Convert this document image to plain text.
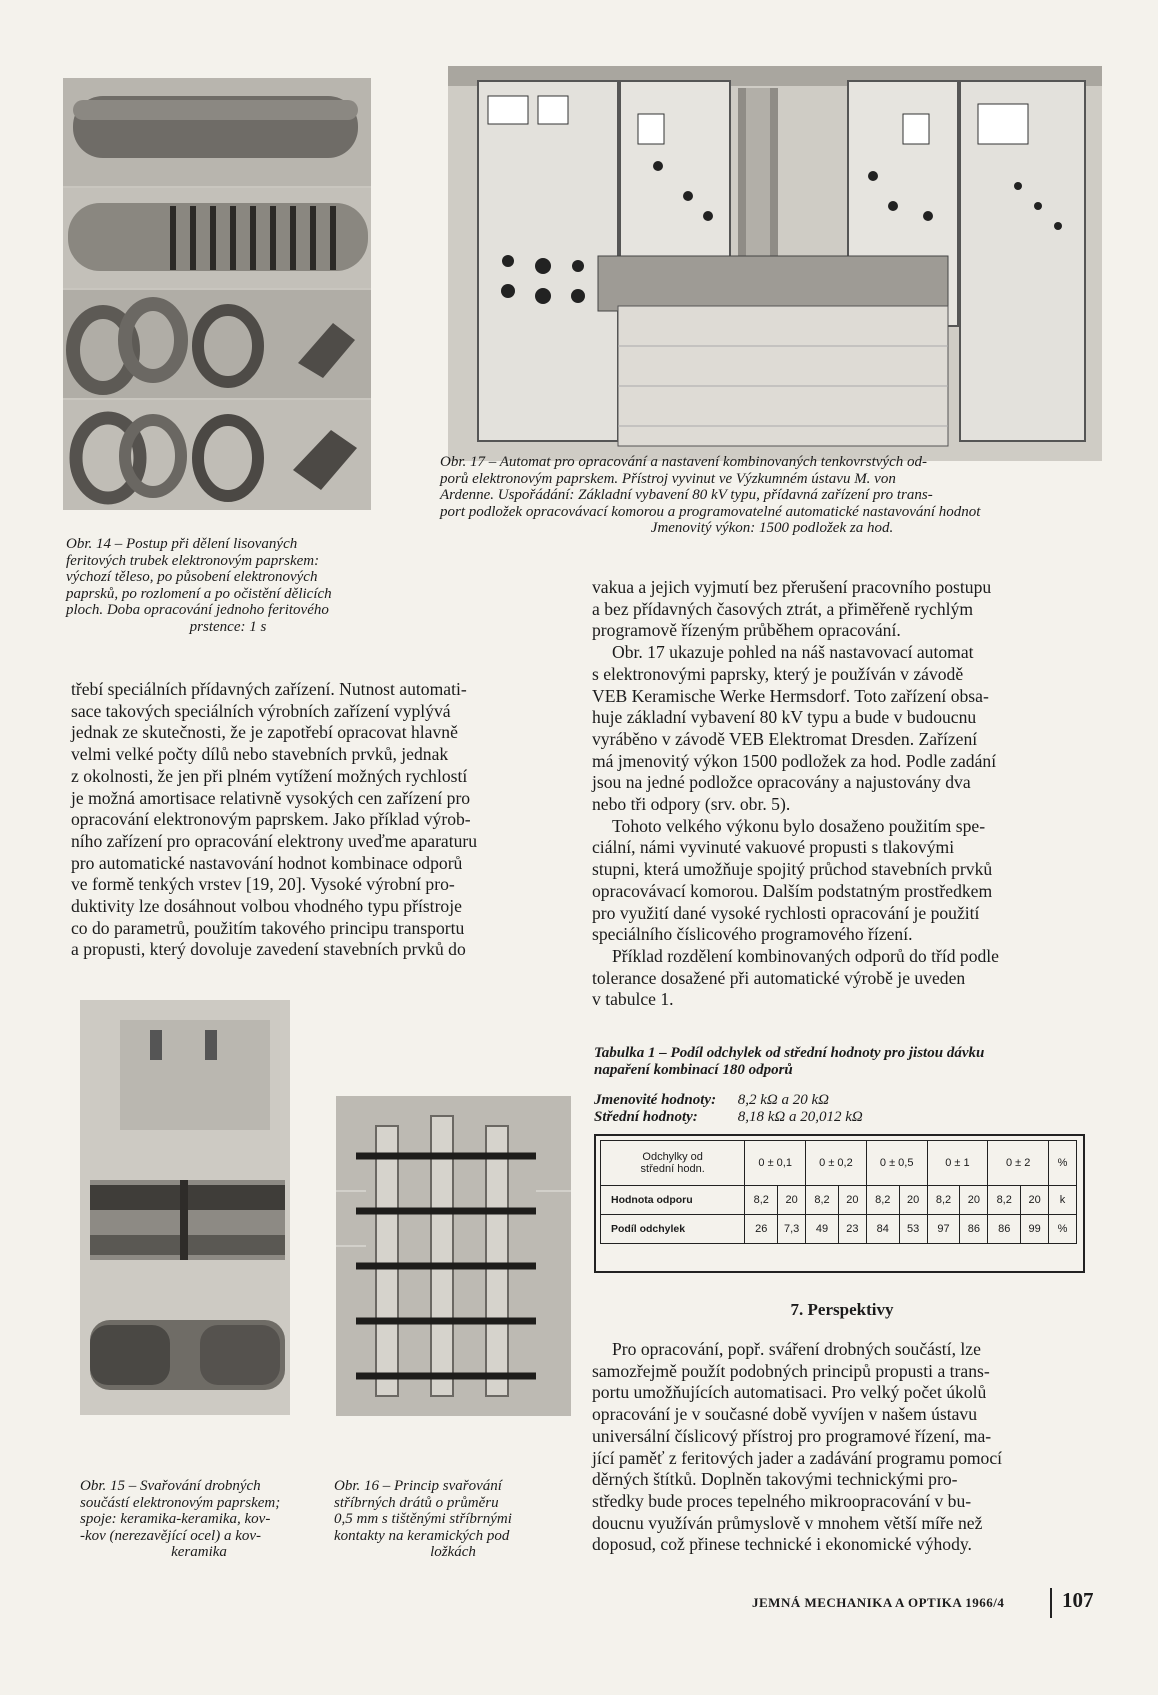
Obr. 14 – Postup při dělení lisovaných
feritových trubek elektronovým paprskem:
výchozí těleso, po působení elektronových
paprsků, po rozlomení a po očistění dělicích
ploch. Doba opracování jednoho feritového
prstence: 1 s
Obr. 17 – Automat pro opracování a nastavení kombinovaných tenkovrstvých od-
porů elektronovým paprskem. Přístroj vyvinut ve Výzkumném ústavu M. von
Ardenne. Uspořádání: Základní vybavení 80 kV typu, přídavná zařízení pro trans-
port podložek opracovávací komorou a programovatelné automatické nastavování hodnot
Jmenovitý výkon: 1500 podložek za hod.

třebí speciálních přídavných zařízení. Nutnost automati-

sace takových speciálních výrobních zařízení vyplývá

jednak ze skutečnosti, že je zapotřebí opracovat hlavně

velmi velké počty dílů nebo stavebních prvků, jednak

z okolnosti, že jen při plném vytížení možných rychlostí

je možná amortisace relativně vysokých cen zařízení pro

opracování elektronovým paprskem. Jako příklad výrob-

ního zařízení pro opracování elektrony uveďme aparaturu

pro automatické nastavování hodnot kombinace odporů

ve formě tenkých vrstev [19, 20]. Vysoké výrobní pro-

duktivity lze dosáhnout volbou vhodného typu přístroje

co do parametrů, použitím takového principu transportu

a propusti, který dovoluje zavedení stavebních prvků do

Obr. 15 – Svařování drobných
součástí elektronovým paprskem;
spoje: keramika-keramika, kov-
-kov (nerezavějící ocel) a kov-
keramika
Obr. 16 – Princip svařování
stříbrných drátů o průměru
0,5 mm s tištěnými stříbrnými
kontakty na keramických pod
ložkách

vakua a jejich vyjmutí bez přerušení pracovního postupu

a bez přídavných časových ztrát, a přiměřeně rychlým

programově řízeným průběhem opracování.

Obr. 17 ukazuje pohled na náš nastavovací automat

s elektronovými paprsky, který je používán v závodě

VEB Keramische Werke Hermsdorf. Toto zařízení obsa-

huje základní vybavení 80 kV typu a bude v budoucnu

vyráběno v závodě VEB Elektromat Dresden. Zařízení

má jmenovitý výkon 1500 podložek za hod. Podle zadání

jsou na jedné podložce opracovány a najustovány dva

nebo tři odpory (srv. obr. 5).

Tohoto velkého výkonu bylo dosaženo použitím spe-

ciální, námi vyvinuté vakuové propusti s tlakovými

stupni, která umožňuje spojitý průchod stavebních prvků

opracovávací komorou. Dalším podstatným prostředkem

pro využití dané vysoké rychlosti opracování je použití

speciálního číslicového programového řízení.

Příklad rozdělení kombinovaných odporů do tříd podle

tolerance dosažené při automatické výrobě je uveden

v tabulce 1.

Tabulka 1 – Podíl odchylek od střední hodnoty pro jistou dávku
napaření kombinací 180 odporů
Jmenovité hodnoty: 8,2 kΩ a 20 kΩ
Střední hodnoty:	8,18 kΩ a 20,012 kΩ
Odchylky od
střední hodn.	0 ± 0,1		0 ± 0,2		0 ± 0,5		0 ± 1		0 ± 2		%
Hodnota odporu	8,2	20	8,2	20	8,2	20	8,2	20	8,2	20	k
Podíl odchylek	26	7,3	49	23	84	53	97	86	86	99	%
7. Perspektivy

Pro opracování, popř. sváření drobných součástí, lze

samozřejmě použít podobných principů propusti a trans-

portu umožňujících automatisaci. Pro velký počet úkolů

opracování je v současné době vyvíjen v našem ústavu

universální číslicový přístroj pro programové řízení, ma-

jící paměť z feritových jader a zadávání programu pomocí

děrných štítků. Doplněn takovými technickými pro-

středky bude proces tepelného mikroopracování v bu-

doucnu využíván průmyslově v mnohem větší míře než

doposud, což přinese technické i ekonomické výhody.

JEMNÁ MECHANIKA A OPTIKA 1966/4	107
